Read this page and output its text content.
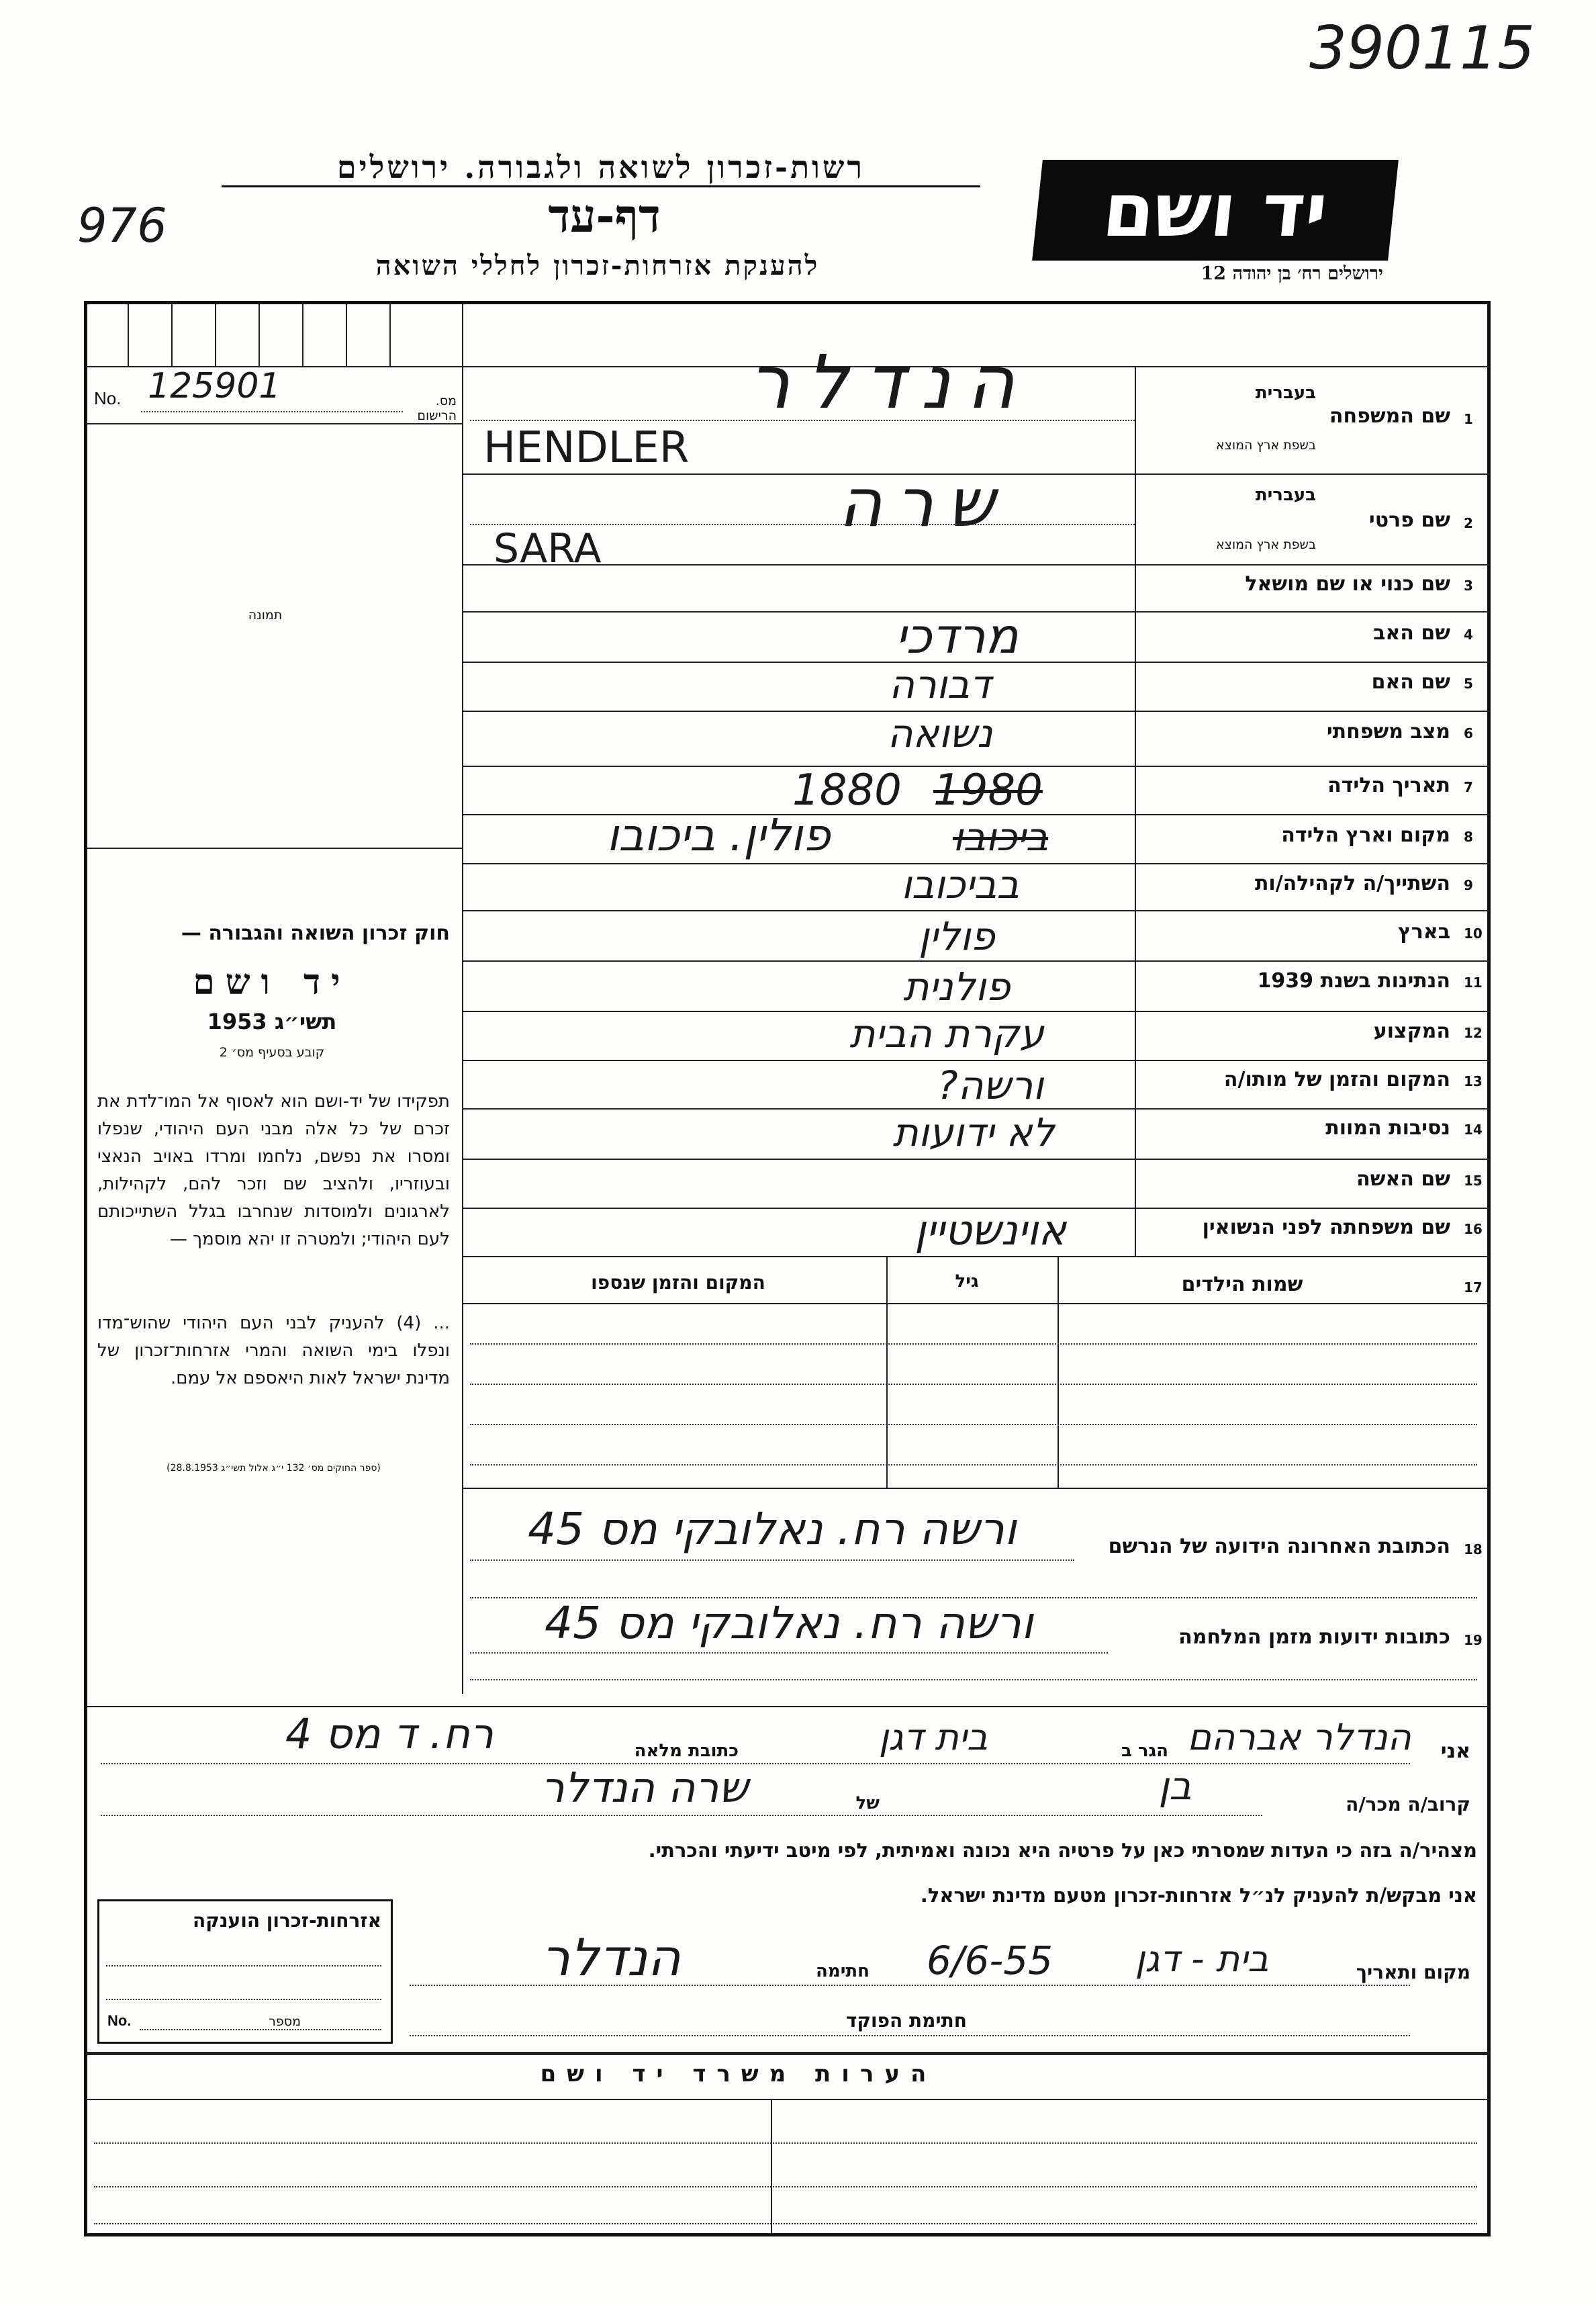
390115
976
רשות-זכרון לשואה ולגבורה. ירושלים
דף-עד
להענקת אזרחות-זכרון לחללי השואה
יד ושם
ירושלים רח׳ בן יהודה 12
No. 125901	מס. הרישום
תמונה
שם המשפחה 1
בעברית
בשפת ארץ המוצא
הנדלר
HENDLER
שם פרטי 2
בעברית
בשפת ארץ המוצא
שרה
SARA
שם כנוי או שם מושאל 3
שם האב 4
מרדכי
שם האם 5
דבורה
מצב משפחתי 6
נשואה
תאריך הלידה 7
1880 1980
מקום וארץ הלידה 8
פולין. ביכובו	ביכובו
השתייך/ה לקהילה/ות 9
בביכובו
בארץ 10
פולין
הנתינות בשנת 1939 11
פולנית
המקצוע 12
עקרת הבית
המקום והזמן של מותו/ה 13
ורשה?
נסיבות המוות 14
לא ידועות
שם האשה 15
שם משפחתה לפני הנשואין 16
אוינשטיין
17
שמות הילדים
גיל
המקום והזמן שנספו
חוק זכרון השואה והגבורה —
יד ושם
תשי״ג 1953
קובע בסעיף מס׳ 2
תפקידו של יד-ושם הוא לאסוף אל המו־לדת את זכרם של כל אלה מבני העם היהודי, שנפלו ומסרו את נפשם, נלחמו ומרדו באויב הנאצי ובעוזריו, ולהציב שם וזכר להם, לקהילות, לארגונים ולמוסדות שנחרבו בגלל השתייכותם לעם היהודי; ולמטרה זו יהא מוסמך —
... (4) להעניק לבני העם היהודי שהוש־מדו ונפלו בימי השואה והמרי אזרחות־זכרון של מדינת ישראל לאות היאספם אל עמם.
(ספר החוקים מס׳ 132 י״ג אלול תשי״ג 28.8.1953)
18
הכתובת האחרונה הידועה של הנרשם
ורשה רח. נאלובקי מס 45
19
כתובות ידועות מזמן המלחמה
ורשה רח. נאלובקי מס 45
אני
הנדלר אברהם
הגר ב
בית דגן
כתובת מלאה
רח. ד מס 4
קרוב/ה מכר/ה
בן
של
שרה הנדלר
מצהיר/ה בזה כי העדות שמסרתי כאן על פרטיה היא נכונה ואמיתית, לפי מיטב ידיעתי והכרתי.
אני מבקש/ת להעניק לנ״ל אזרחות-זכרון מטעם מדינת ישראל.
אזרחות-זכרון הוענקה
No.	מספר
מקום ותאריך
בית - דגן
6/6-55
חתימה
הנדלר
חתימת הפוקד
הערות משרד יד ושם
